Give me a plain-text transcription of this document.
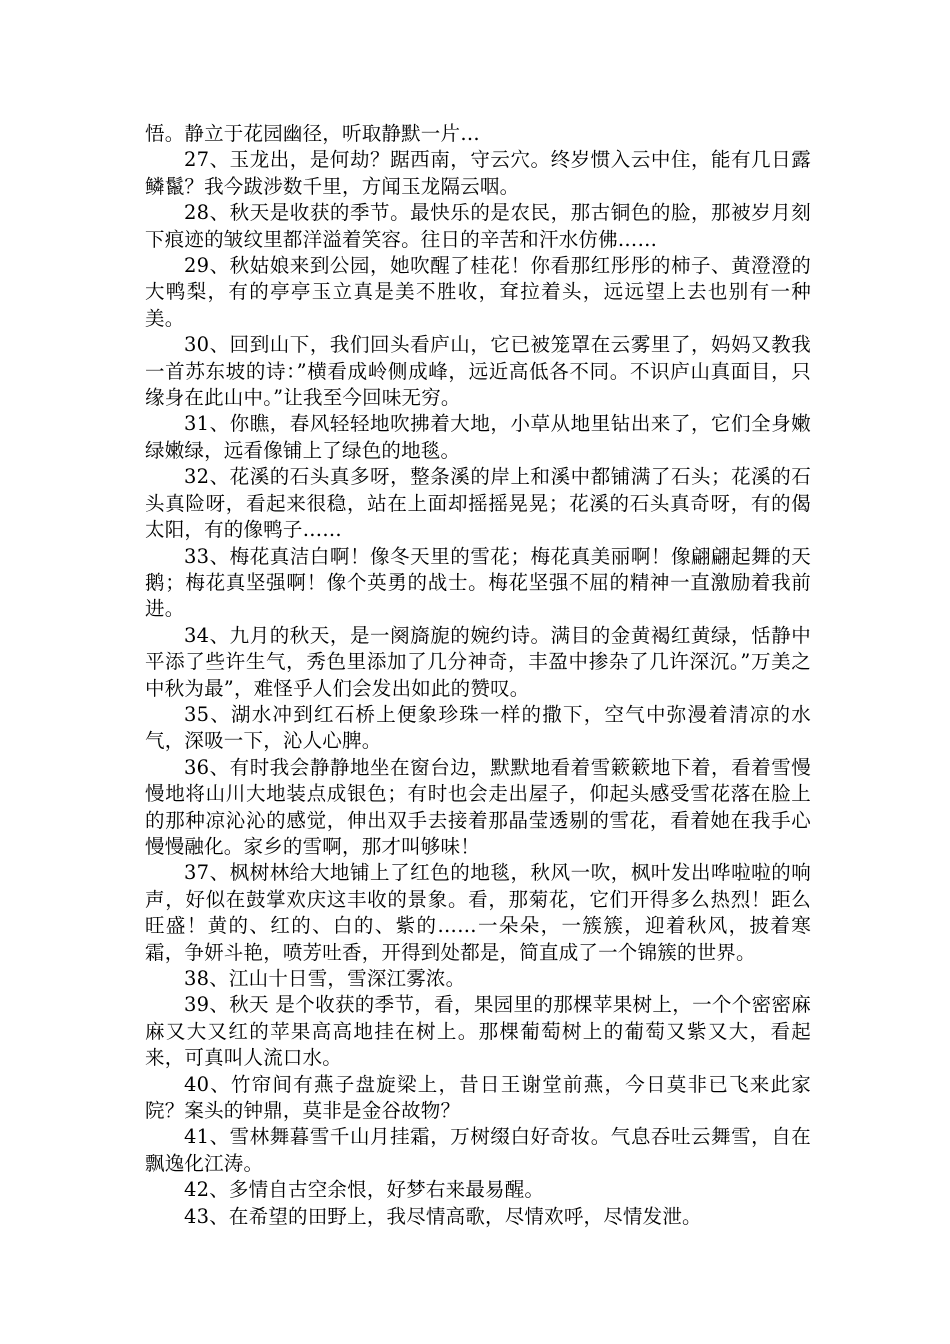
悟。静立于花园幽径，听取静默一片…

27、玉龙出，是何劫？踞西南，守云穴。终岁惯入云中住，能有几日露鳞鬣？我今跋涉数千里，方闻玉龙隔云咽。

28、秋天是收获的季节。最快乐的是农民，那古铜色的脸，那被岁月刻下痕迹的皱纹里都洋溢着笑容。往日的辛苦和汗水仿佛……

29、秋姑娘来到公园，她吹醒了桂花！你看那红彤彤的柿子、黄澄澄的大鸭梨，有的亭亭玉立真是美不胜收，耷拉着头，远远望上去也别有一种美。

30、回到山下，我们回头看庐山，它已被笼罩在云雾里了，妈妈又教我一首苏东坡的诗：”横看成岭侧成峰，远近高低各不同。不识庐山真面目，只缘身在此山中。”让我至今回味无穷。

31、你瞧，春风轻轻地吹拂着大地，小草从地里钻出来了，它们全身嫩绿嫩绿，远看像铺上了绿色的地毯。

32、花溪的石头真多呀，整条溪的岸上和溪中都铺满了石头；花溪的石头真险呀，看起来很稳，站在上面却摇摇晃晃；花溪的石头真奇呀，有的偈太阳，有的像鸭子……

33、梅花真洁白啊！像冬天里的雪花；梅花真美丽啊！像翩翩起舞的天鹅；梅花真坚强啊！像个英勇的战士。梅花坚强不屈的精神一直激励着我前进。

34、九月的秋天，是一阕旖旎的婉约诗。满目的金黄褐红黄绿，恬静中平添了些许生气，秀色里添加了几分神奇，丰盈中掺杂了几许深沉。”万美之中秋为最”，难怪乎人们会发出如此的赞叹。

35、湖水冲到红石桥上便象珍珠一样的撒下，空气中弥漫着清凉的水气，深吸一下，沁人心脾。

36、有时我会静静地坐在窗台边，默默地看着雪簌簌地下着，看着雪慢慢地将山川大地装点成银色；有时也会走出屋子，仰起头感受雪花落在脸上的那种凉沁沁的感觉，伸出双手去接着那晶莹透剔的雪花，看着她在我手心慢慢融化。家乡的雪啊，那才叫够味！

37、枫树林给大地铺上了红色的地毯，秋风一吹，枫叶发出哗啦啦的响声，好似在鼓掌欢庆这丰收的景象。看，那菊花，它们开得多么热烈！距么旺盛！黄的、红的、白的、紫的……一朵朵，一簇簇，迎着秋风，披着寒霜，争妍斗艳，喷芳吐香，开得到处都是，简直成了一个锦簇的世界。

38、江山十日雪，雪深江雾浓。

39、秋天 是个收获的季节，看，果园里的那棵苹果树上，一个个密密麻麻又大又红的苹果高高地挂在树上。那棵葡萄树上的葡萄又紫又大，看起来，可真叫人流口水。

40、竹帘间有燕子盘旋梁上，昔日王谢堂前燕，今日莫非已飞来此家院？案头的钟鼎，莫非是金谷故物？

41、雪林舞暮雪千山月挂霜，万树缀白好奇妆。气息吞吐云舞雪，自在飘逸化江涛。

42、多情自古空余恨，好梦右来最易醒。

43、在希望的田野上，我尽情高歌，尽情欢呼，尽情发泄。
